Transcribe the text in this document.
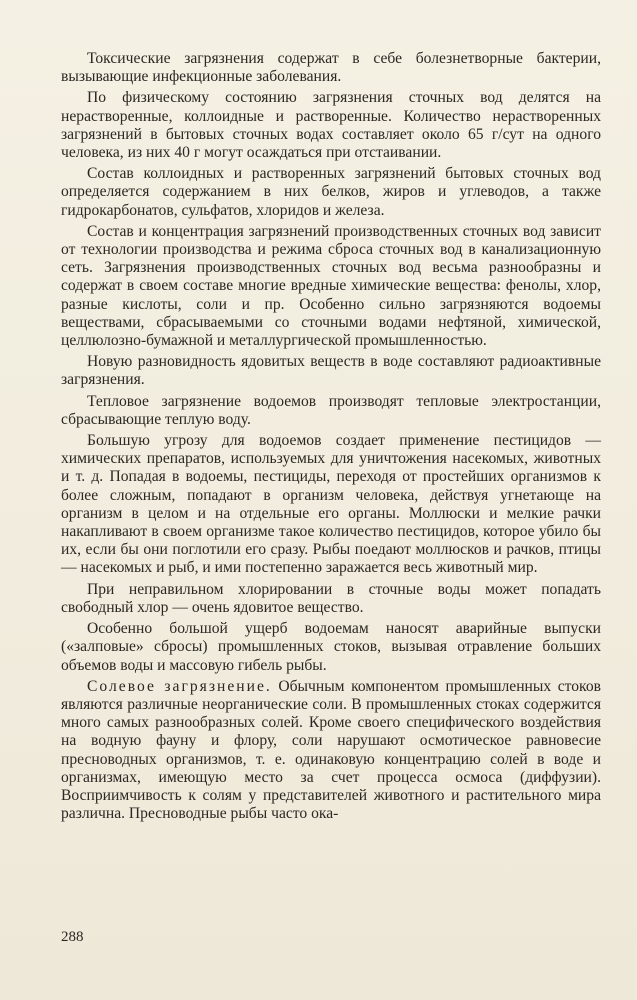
Токсические загрязнения содержат в себе болезнетворные бактерии, вызывающие инфекционные заболевания.

По физическому состоянию загрязнения сточных вод делятся на нерастворенные, коллоидные и растворенные. Количество нерастворенных загрязнений в бытовых сточных водах составляет около 65 г/сут на одного человека, из них 40 г могут осаждаться при отстаивании.

Состав коллоидных и растворенных загрязнений бытовых сточных вод определяется содержанием в них белков, жиров и углеводов, а также гидрокарбонатов, сульфатов, хлоридов и железа.

Состав и концентрация загрязнений производственных сточных вод зависит от технологии производства и режима сброса сточных вод в канализационную сеть. Загрязнения производственных сточных вод весьма разнообразны и содержат в своем составе многие вредные химические вещества: фенолы, хлор, разные кислоты, соли и пр. Особенно сильно загрязняются водоемы веществами, сбрасываемыми со сточными водами нефтяной, химической, целлюлозно-бумажной и металлургической промышленностью.

Новую разновидность ядовитых веществ в воде составляют радиоактивные загрязнения.

Тепловое загрязнение водоемов производят тепловые электростанции, сбрасывающие теплую воду.

Большую угрозу для водоемов создает применение пестицидов — химических препаратов, используемых для уничтожения насекомых, животных и т. д. Попадая в водоемы, пестициды, переходя от простейших организмов к более сложным, попадают в организм человека, действуя угнетающе на организм в целом и на отдельные его органы. Моллюски и мелкие рачки накапливают в своем организме такое количество пестицидов, которое убило бы их, если бы они поглотили его сразу. Рыбы поедают моллюсков и рачков, птицы — насекомых и рыб, и ими постепенно заражается весь животный мир.

При неправильном хлорировании в сточные воды может попадать свободный хлор — очень ядовитое вещество.

Особенно большой ущерб водоемам наносят аварийные выпуски («залповые» сбросы) промышленных стоков, вызывая отравление больших объемов воды и массовую гибель рыбы.

Солевое загрязнение. Обычным компонентом промышленных стоков являются различные неорганические соли. В промышленных стоках содержится много самых разнообразных солей. Кроме своего специфического воздействия на водную фауну и флору, соли нарушают осмотическое равновесие пресноводных организмов, т. е. одинаковую концентрацию солей в воде и организмах, имеющую место за счет процесса осмоса (диффузии). Восприимчивость к солям у представителей животного и растительного мира различна. Пресноводные рыбы часто ока-

288
